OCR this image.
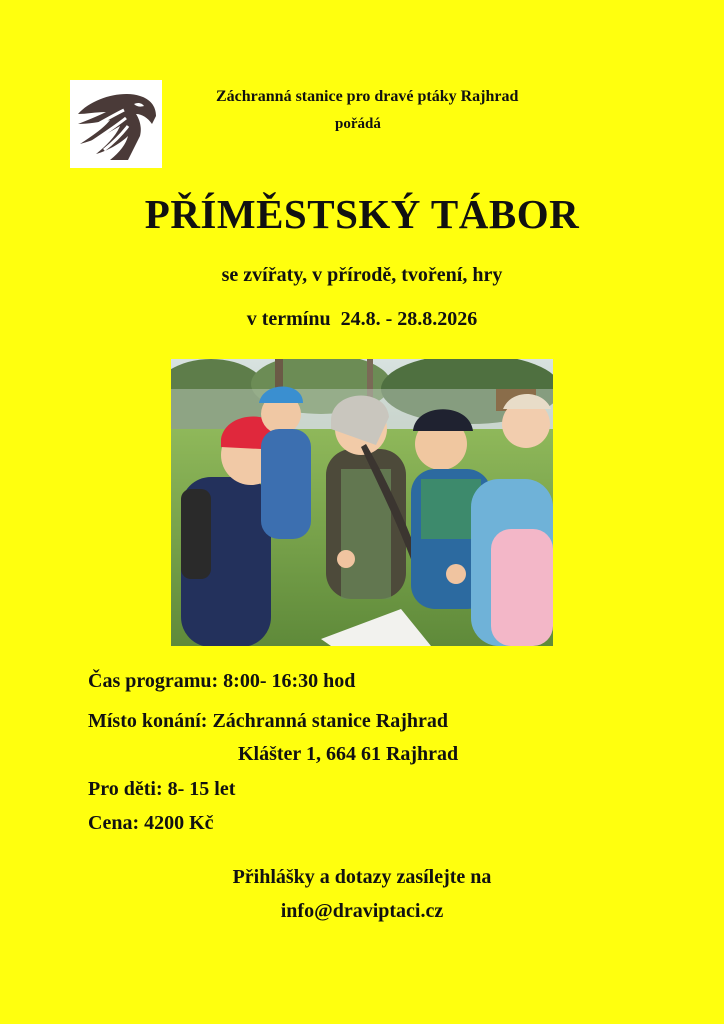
Záchranná stanice pro dravé ptáky Rajhrad
pořádá
PŘÍMĚSTSKÝ TÁBOR
se zvířaty, v přírodě, tvoření, hry
v termínu  24.8. - 28.8.2026
Čas programu: 8:00- 16:30 hod
Místo konání: Záchranná stanice Rajhrad
Klášter 1, 664 61 Rajhrad
Pro děti: 8- 15 let
Cena: 4200 Kč
Přihlášky a dotazy zasílejte na
info@draviptaci.cz
